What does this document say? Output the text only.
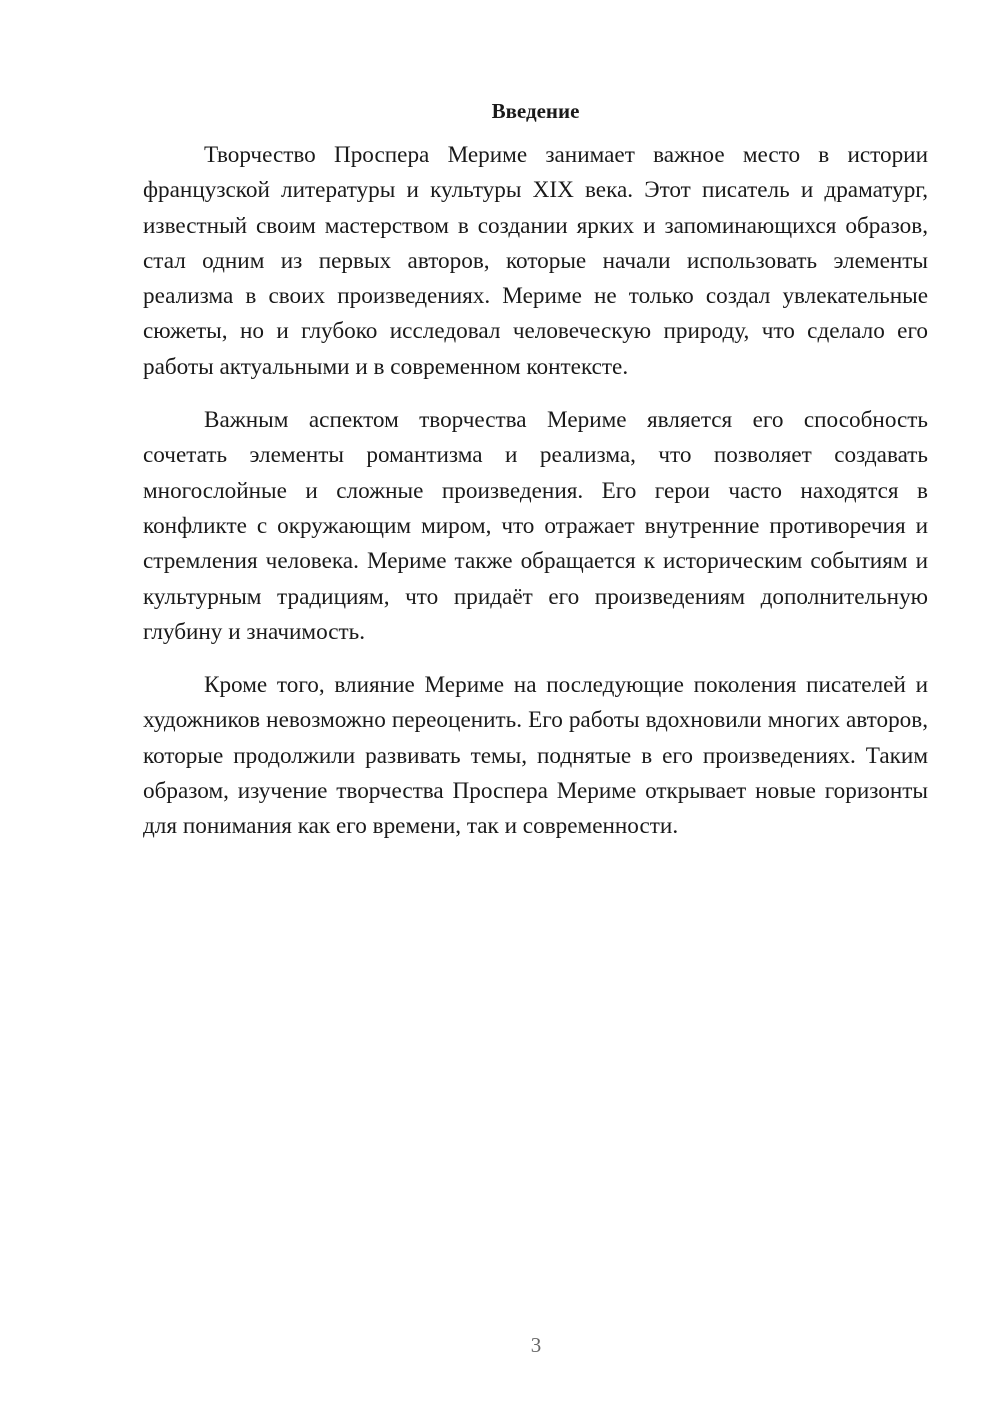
Введение

Творчество Проспера Мериме занимает важное место в истории французской литературы и культуры XIX века. Этот писатель и драматург, известный своим мастерством в создании ярких и запоминающихся образов, стал одним из первых авторов, которые начали использовать элементы реализма в своих произведениях. Мериме не только создал увлекательные сюжеты, но и глубоко исследовал человеческую природу, что сделало его работы актуальными и в современном контексте.

Важным аспектом творчества Мериме является его способность сочетать элементы романтизма и реализма, что позволяет создавать многослойные и сложные произведения. Его герои часто находятся в конфликте с окружающим миром, что отражает внутренние противоречия и стремления человека. Мериме также обращается к историческим событиям и культурным традициям, что придаёт его произведениям дополнительную глубину и значимость.

Кроме того, влияние Мериме на последующие поколения писателей и художников невозможно переоценить. Его работы вдохновили многих авторов, которые продолжили развивать темы, поднятые в его произведениях. Таким образом, изучение творчества Проспера Мериме открывает новые горизонты для понимания как его времени, так и современности.

3
